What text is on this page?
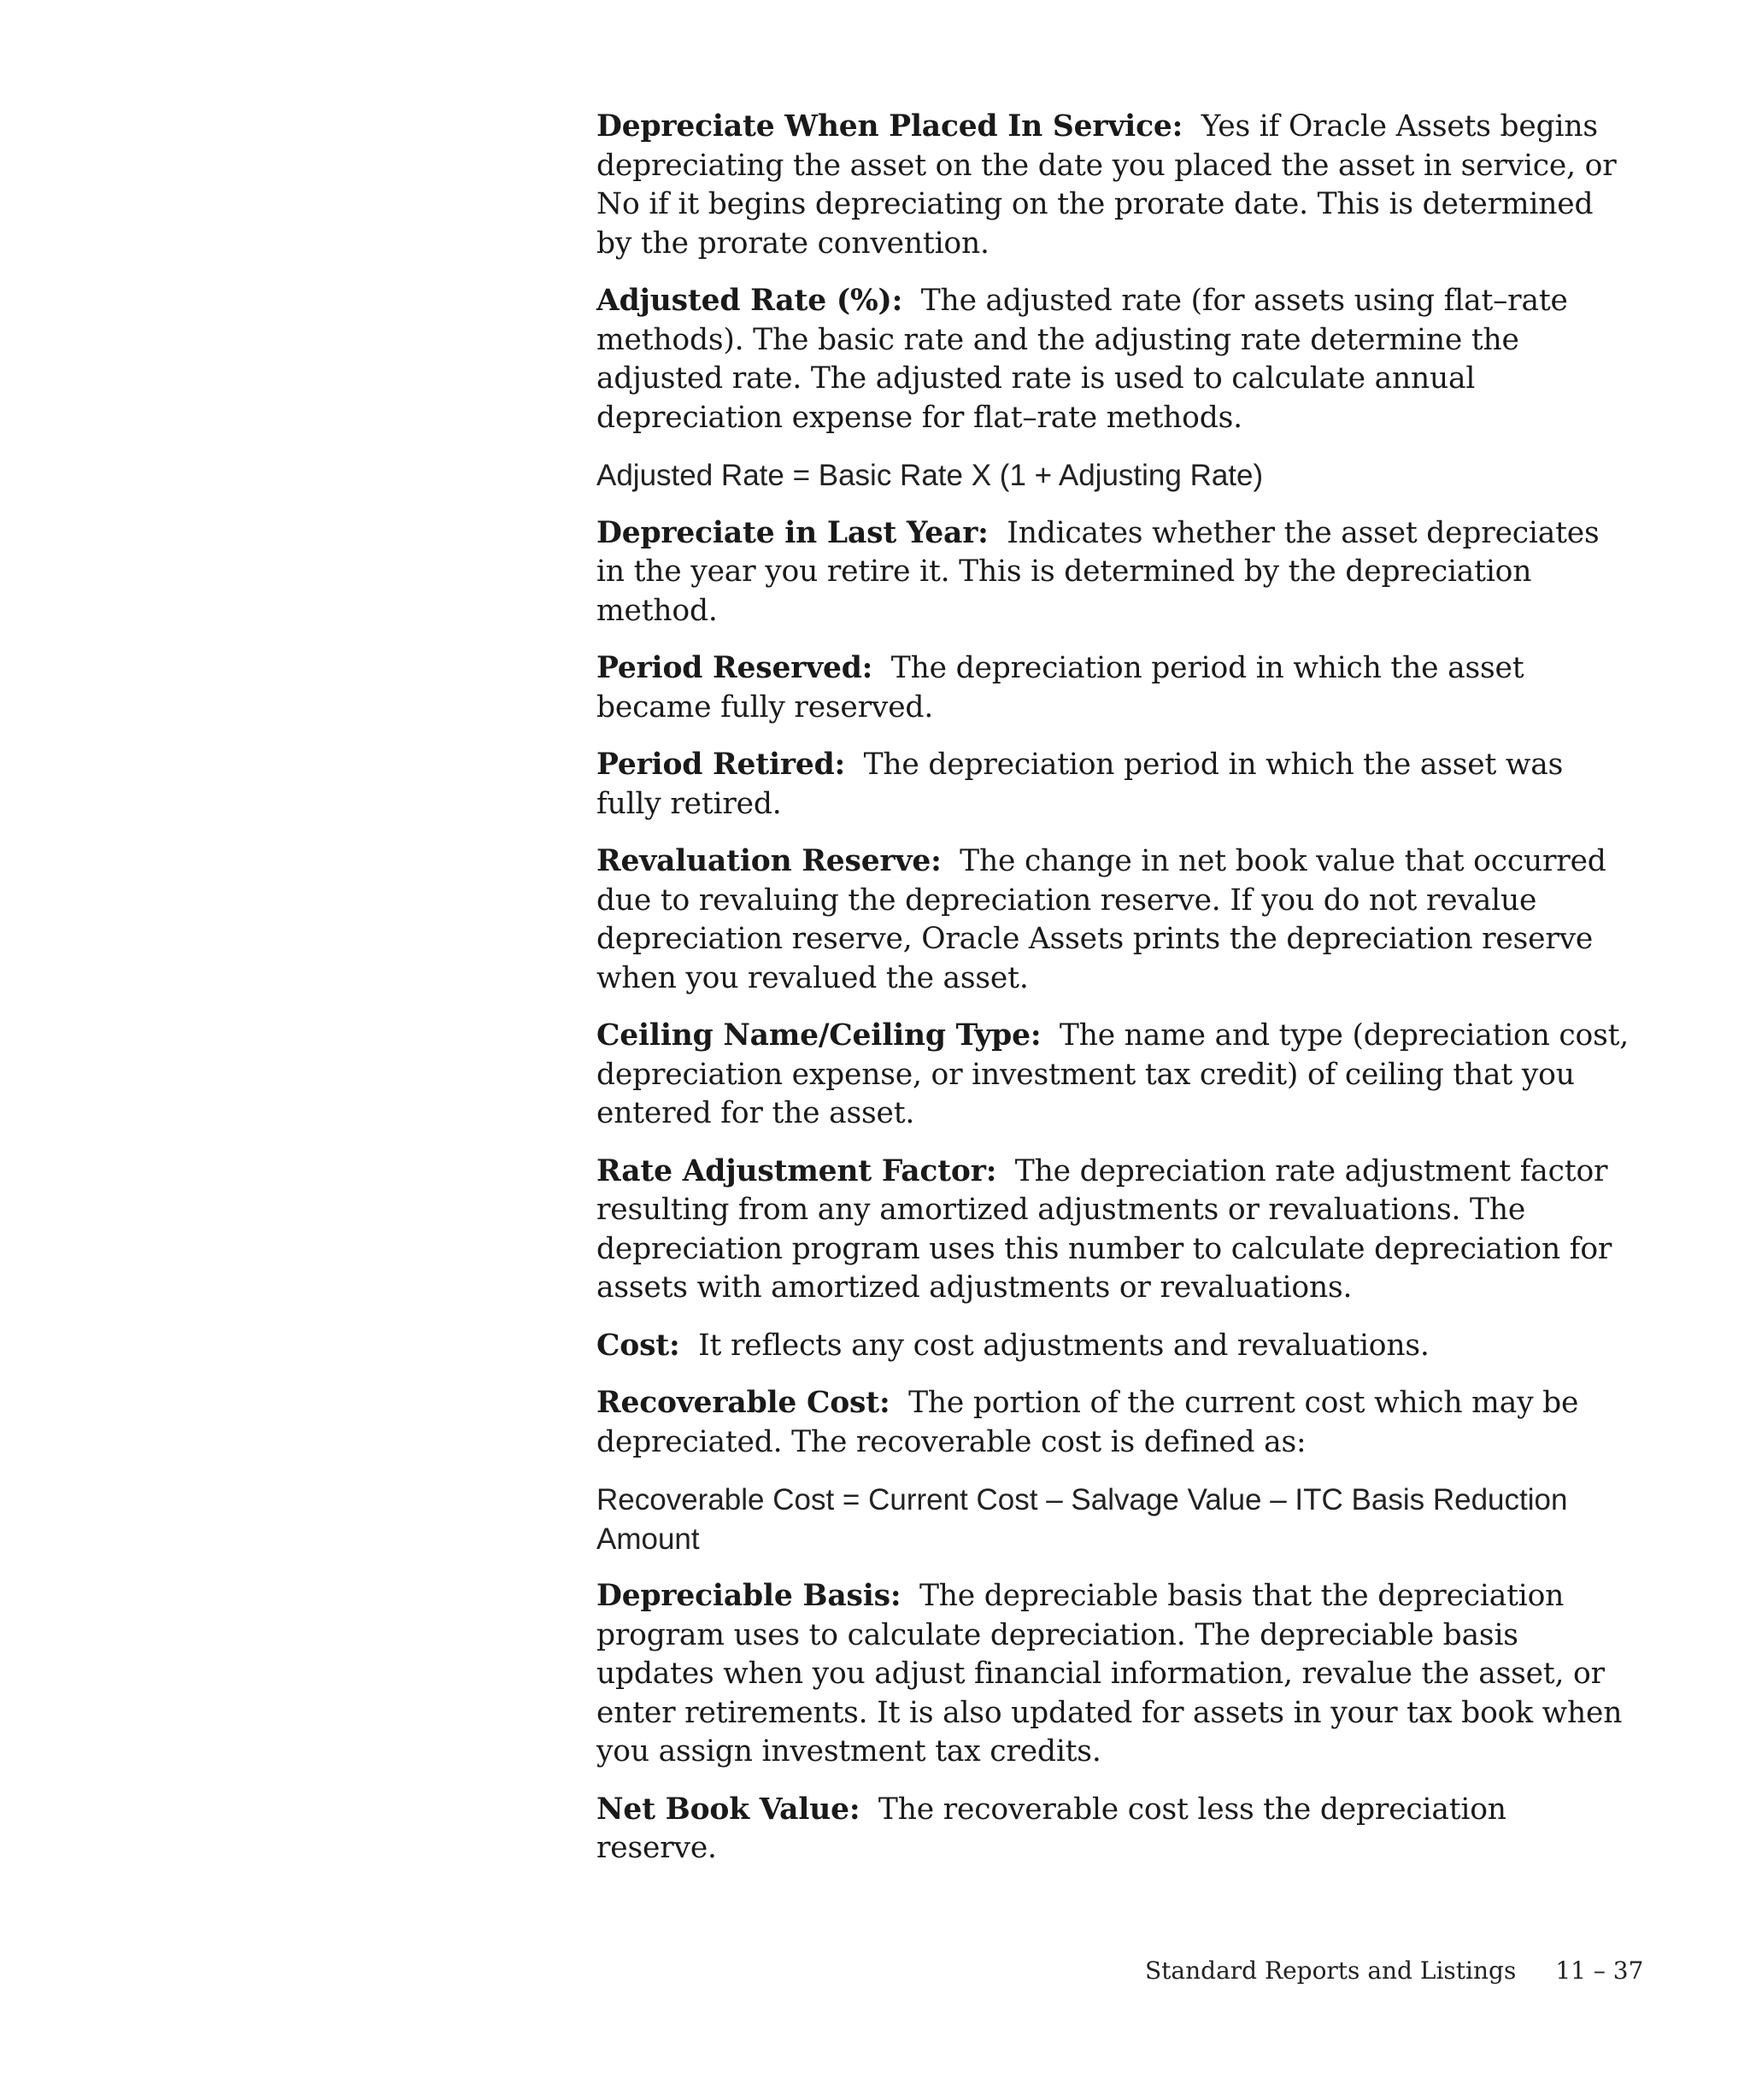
Depreciate When Placed In Service: Yes if Oracle Assets begins depreciating the asset on the date you placed the asset in service, or No if it begins depreciating on the prorate date. This is determined by the prorate convention.

Adjusted Rate (%): The adjusted rate (for assets using flat–rate methods). The basic rate and the adjusting rate determine the adjusted rate. The adjusted rate is used to calculate annual depreciation expense for flat–rate methods.

Adjusted Rate = Basic Rate X (1 + Adjusting Rate)

Depreciate in Last Year: Indicates whether the asset depreciates in the year you retire it. This is determined by the depreciation method.

Period Reserved: The depreciation period in which the asset became fully reserved.

Period Retired: The depreciation period in which the asset was fully retired.

Revaluation Reserve: The change in net book value that occurred due to revaluing the depreciation reserve. If you do not revalue depreciation reserve, Oracle Assets prints the depreciation reserve when you revalued the asset.

Ceiling Name/Ceiling Type: The name and type (depreciation cost, depreciation expense, or investment tax credit) of ceiling that you entered for the asset.

Rate Adjustment Factor: The depreciation rate adjustment factor resulting from any amortized adjustments or revaluations. The depreciation program uses this number to calculate depreciation for assets with amortized adjustments or revaluations.

Cost: It reflects any cost adjustments and revaluations.

Recoverable Cost: The portion of the current cost which may be depreciated. The recoverable cost is defined as:

Recoverable Cost = Current Cost – Salvage Value – ITC Basis Reduction Amount

Depreciable Basis: The depreciable basis that the depreciation program uses to calculate depreciation. The depreciable basis updates when you adjust financial information, revalue the asset, or enter retirements. It is also updated for assets in your tax book when you assign investment tax credits.

Net Book Value: The recoverable cost less the depreciation reserve.

Standard Reports and Listings 11 – 37
